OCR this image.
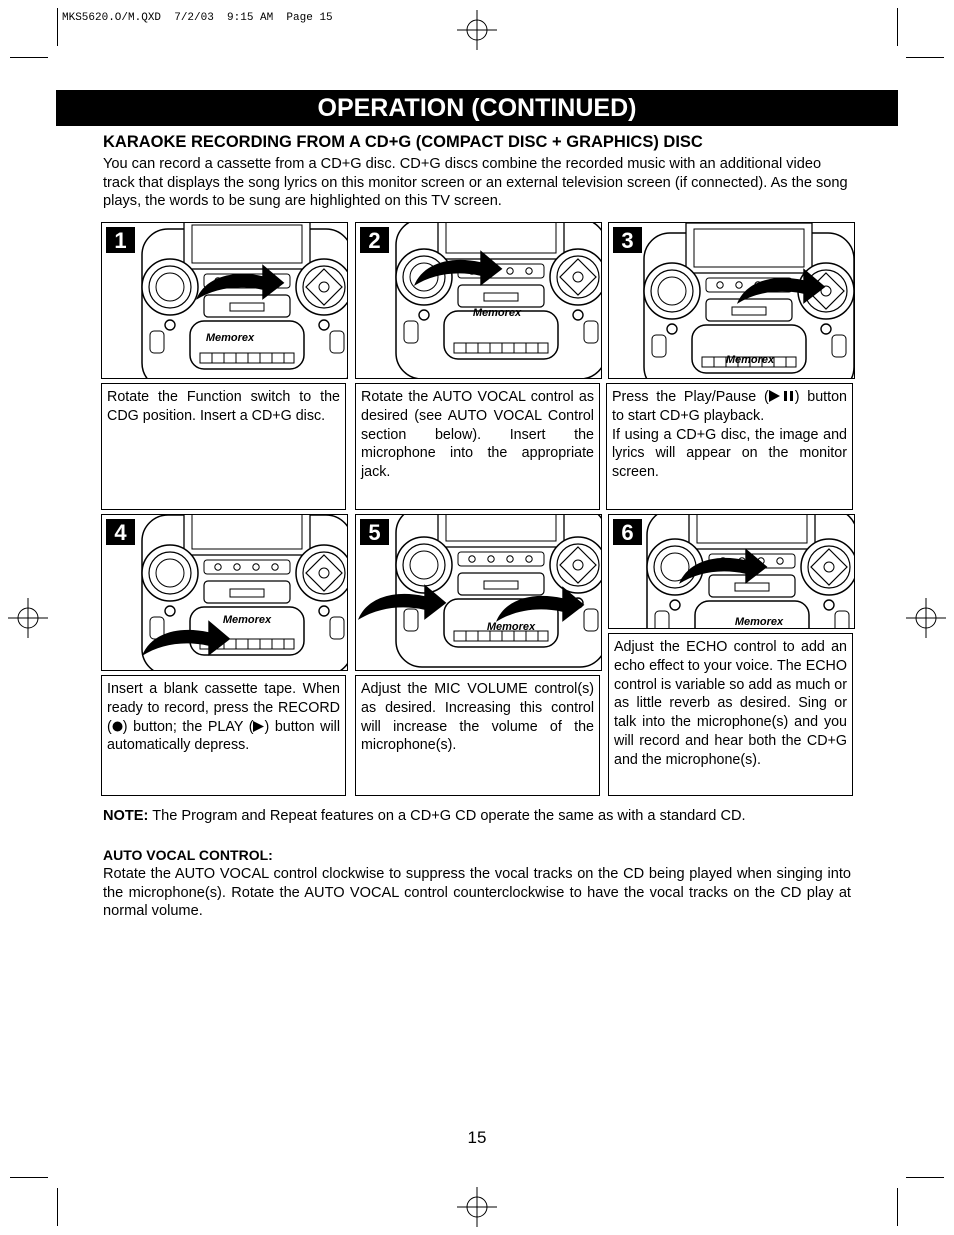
MKS5620.O/M.QXD  7/2/03  9:15 AM  Page 15
OPERATION (CONTINUED)
KARAOKE RECORDING FROM A CD+G (COMPACT DISC + GRAPHICS) DISC
You can record a cassette from a CD+G disc. CD+G discs combine the recorded music with an additional video track that displays the song lyrics on this monitor screen or an external television screen (if connected). As the song plays, the words to be sung are highlighted on this TV screen.
Memorex
1
Rotate the Function switch to the CDG position. Insert a CD+G disc.
Memorex
2
Rotate the AUTO VOCAL control as desired (see AUTO VOCAL Control section below). Insert the microphone into the appropriate jack.
Memorex
3
Press the Play/Pause ( ) button to start CD+G playback.
If using a CD+G disc, the image and lyrics will appear on the monitor screen.
Memorex
4
Insert a blank cassette tape. When ready to record, press the RECORD ( ) button; the PLAY ( ) button will automatically depress.
Memorex
5
Adjust the MIC VOLUME control(s) as desired. Increasing this control will increase the volume of the microphone(s).
Memorex
6
Adjust the ECHO control to add an echo effect to your voice. The ECHO control is variable so add as much or as little reverb as desired. Sing or talk into the microphone(s) and you will record and hear both the CD+G and the microphone(s).
NOTE: The Program and Repeat features on a CD+G CD operate the same as with a standard CD.
AUTO VOCAL CONTROL:
Rotate the AUTO VOCAL control clockwise to suppress the vocal tracks on the CD being played when singing into the microphone(s). Rotate the AUTO VOCAL control counterclockwise to have the vocal tracks on the CD play at normal volume.
15
